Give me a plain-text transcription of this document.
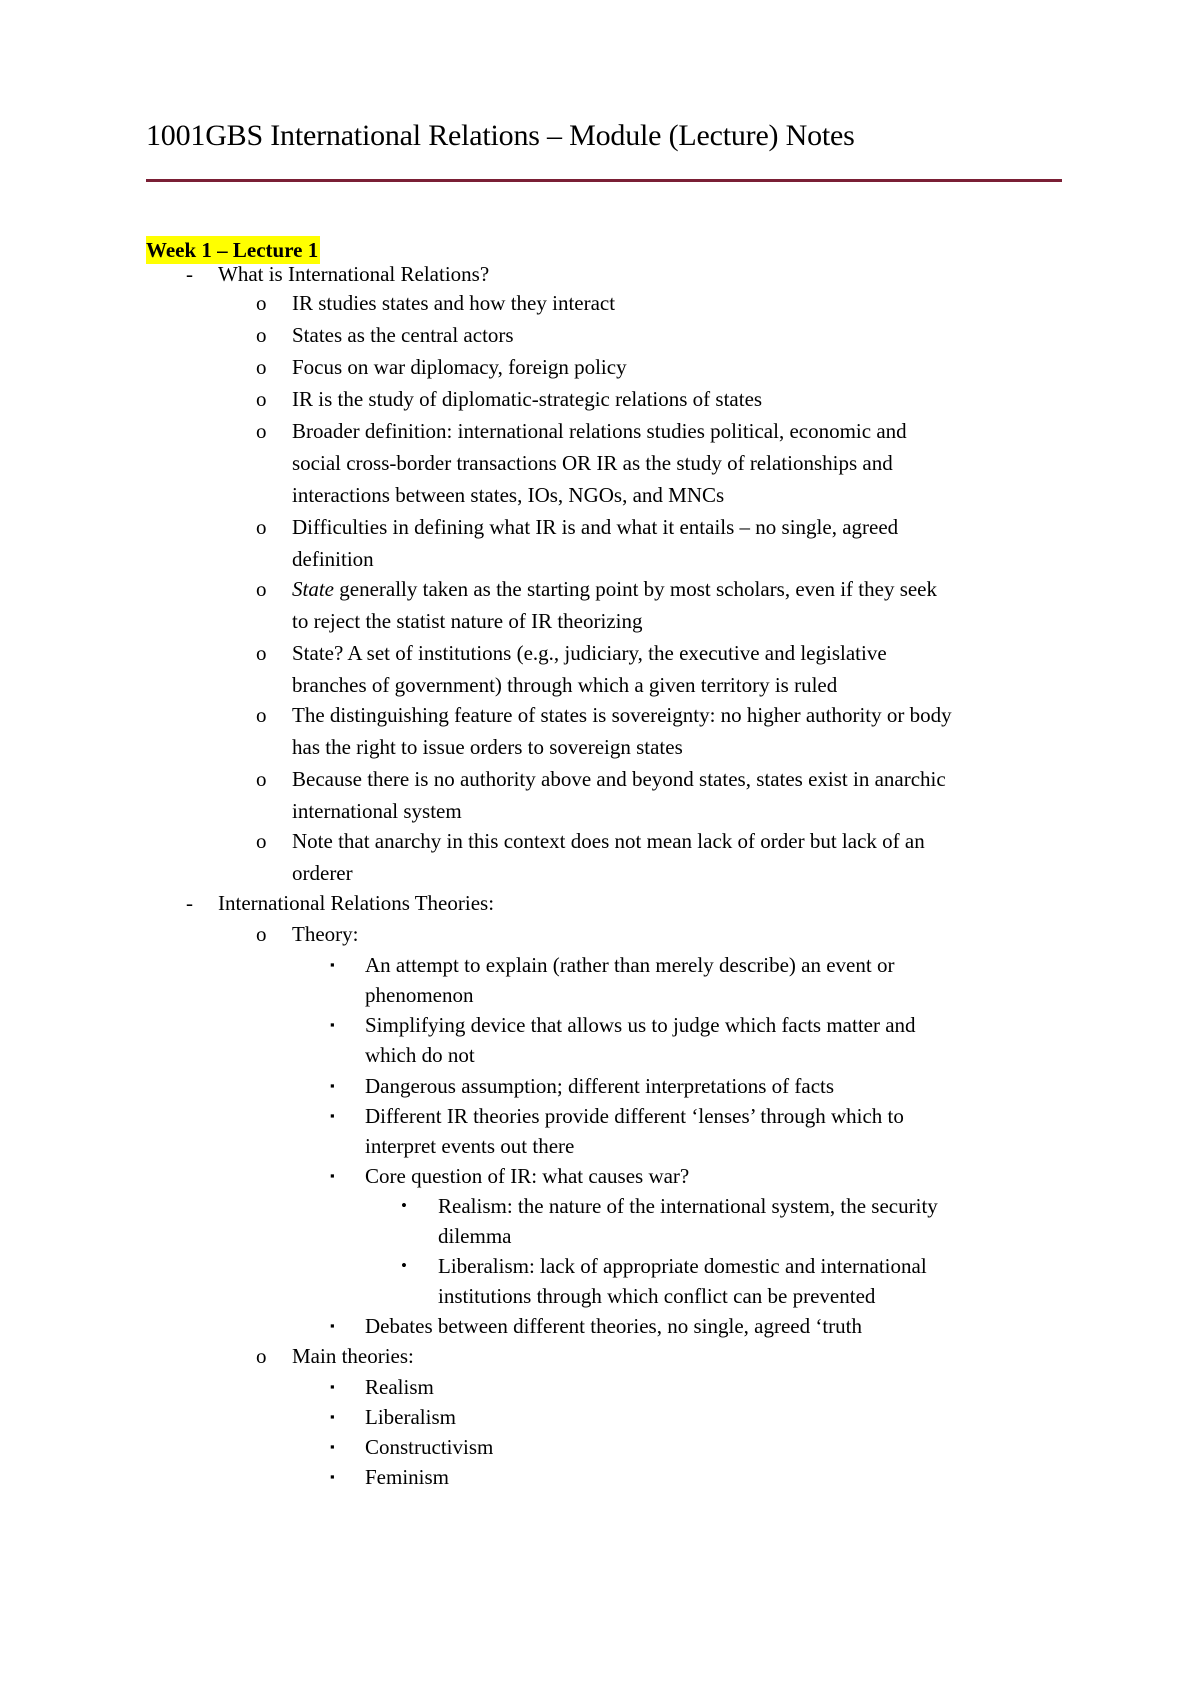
1001GBS International Relations – Module (Lecture) Notes
Week 1 – Lecture 1
- What is International Relations?
o IR studies states and how they interact
o States as the central actors
o Focus on war diplomacy, foreign policy
o IR is the study of diplomatic-strategic relations of states
o Broader definition: international relations studies political, economic and
social cross-border transactions OR IR as the study of relationships and
interactions between states, IOs, NGOs, and MNCs
o Difficulties in defining what IR is and what it entails – no single, agreed
definition
o State generally taken as the starting point by most scholars, even if they seek
to reject the statist nature of IR theorizing
o State? A set of institutions (e.g., judiciary, the executive and legislative
branches of government) through which a given territory is ruled
o The distinguishing feature of states is sovereignty: no higher authority or body
has the right to issue orders to sovereign states
o Because there is no authority above and beyond states, states exist in anarchic
international system
o Note that anarchy in this context does not mean lack of order but lack of an
orderer
- International Relations Theories:
o Theory:
▪ An attempt to explain (rather than merely describe) an event or
phenomenon
▪ Simplifying device that allows us to judge which facts matter and
which do not
▪ Dangerous assumption; different interpretations of facts
▪ Different IR theories provide different ‘lenses’ through which to
interpret events out there
▪ Core question of IR: what causes war?
• Realism: the nature of the international system, the security
dilemma
• Liberalism: lack of appropriate domestic and international
institutions through which conflict can be prevented
▪ Debates between different theories, no single, agreed ‘truth
o Main theories:
▪ Realism
▪ Liberalism
▪ Constructivism
▪ Feminism
